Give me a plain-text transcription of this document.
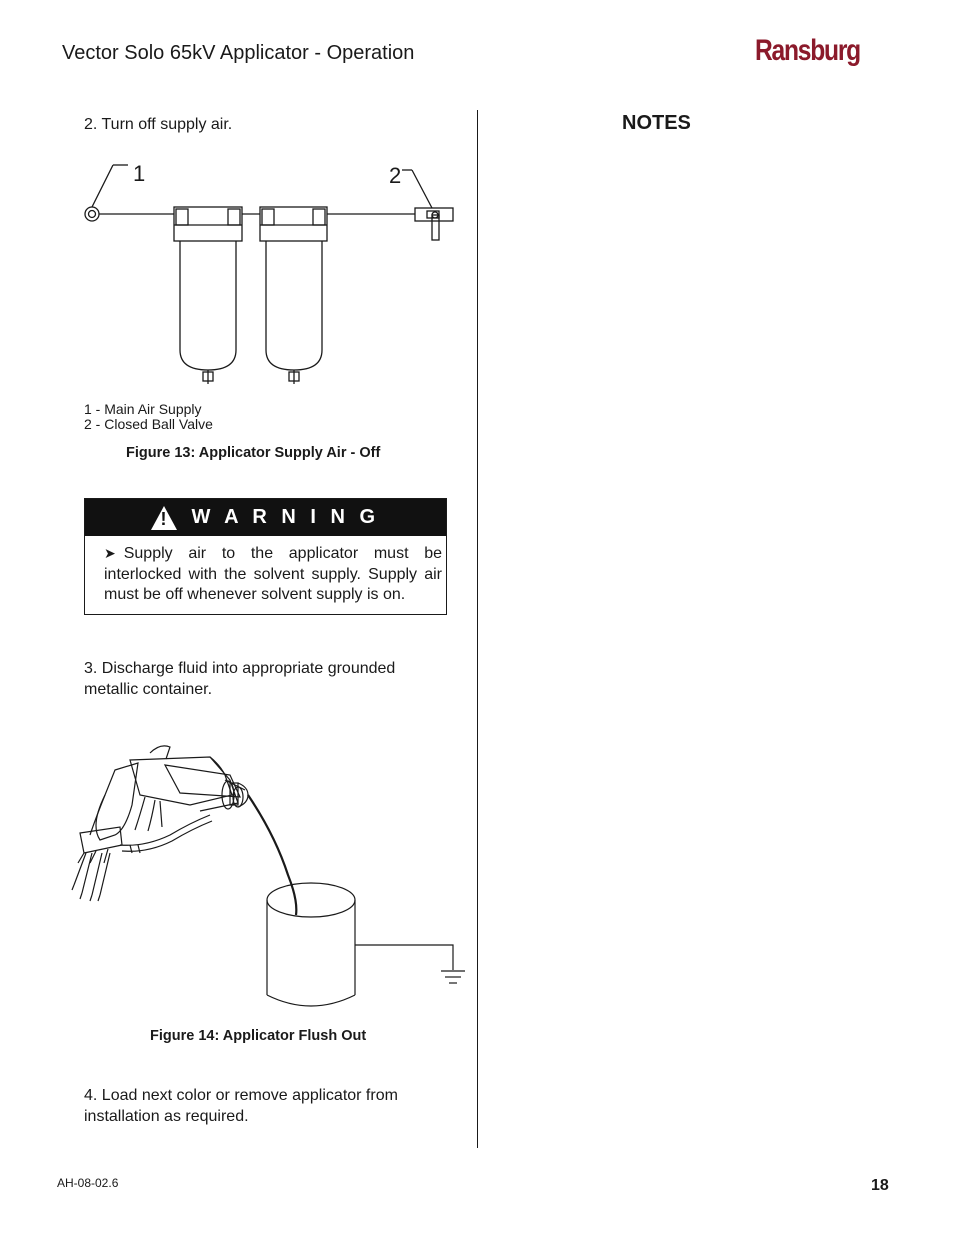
Vector Solo 65kV Applicator - Operation	Ransburg
2. Turn off supply air.
1	2
1 - Main Air Supply
2 - Closed Ball Valve
Figure 13: Applicator Supply Air - Off
! W A R N I N G
➤ Supply air to the applicator must be interlocked with the solvent supply. Supply air must be off whenever solvent supply is on.
3. Discharge fluid into appropriate grounded metallic container.
Figure 14: Applicator Flush Out
4. Load next color or remove applicator from installation as required.
NOTES
AH-08-02.6	18
